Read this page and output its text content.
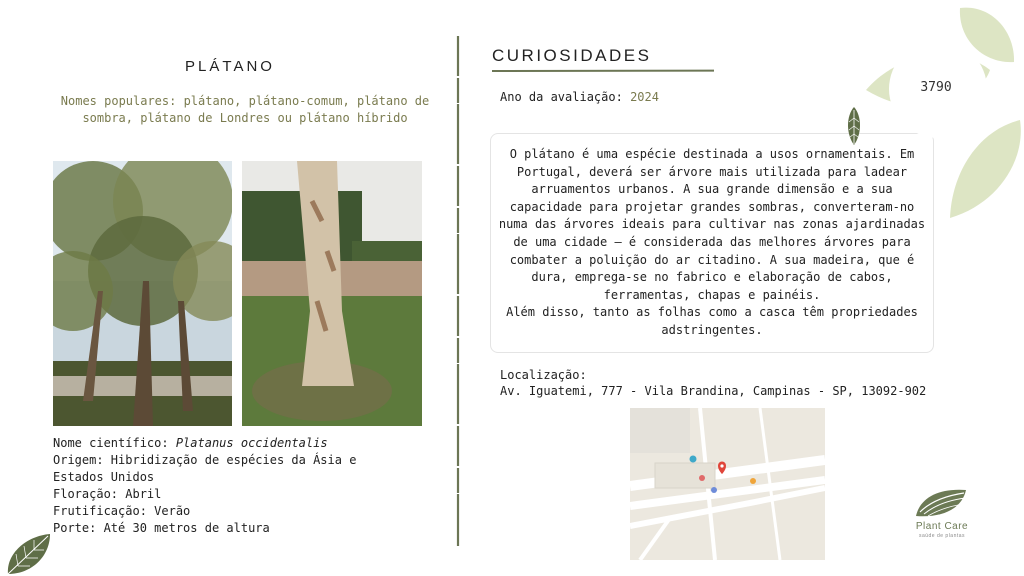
PLÁTANO
Nomes populares: plátano, plátano-comum, plátano de sombra, plátano de Londres ou plátano híbrido
Nome científico: Platanus occidentalis
Origem: Hibridização de espécies da Ásia e Estados Unidos
Floração: Abril
Frutificação: Verão
Porte: Até 30 metros de altura
CURIOSIDADES
Ano da avaliação: 2024
O plátano é uma espécie destinada a usos ornamentais. Em Portugal, deverá ser árvore mais utilizada para ladear arruamentos urbanos. A sua grande dimensão e a sua capacidade para projetar grandes sombras, converteram-no numa das árvores ideais para cultivar nas zonas ajardinadas de uma cidade – é considerada das melhores árvores para combater a poluição do ar citadino. A sua madeira, que é dura, emprega-se no fabrico e elaboração de cabos, ferramentas, chapas e painéis.
Além disso, tanto as folhas como a casca têm propriedades adstringentes.
Localização:
Av. Iguatemi, 777 - Vila Brandina, Campinas - SP, 13092-902
3790
Plant Care
saúde de plantas
